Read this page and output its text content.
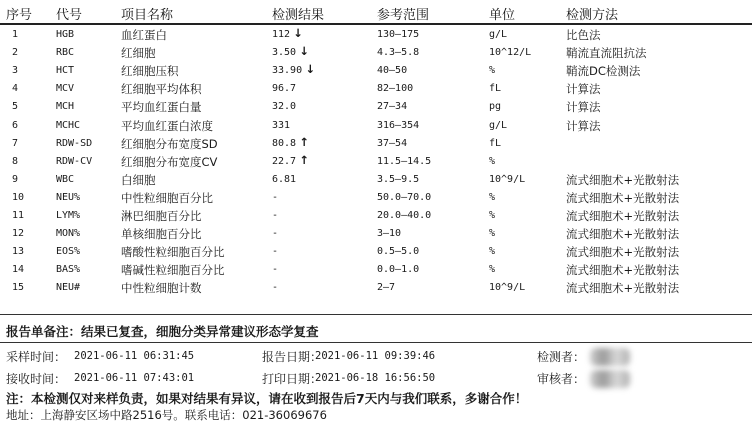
序号 代号	项目名称	检测结果	参考范围	单位	检测方法
1	HGB	血红蛋白	112 ↓	130—175	g/L	比色法
2	RBC	红细胞	3.50 ↓	4.3—5.8	10^12/L	鞘流直流阻抗法
3	HCT	红细胞压积	33.90 ↓	40—50	%	鞘流DC检测法
4	MCV	红细胞平均体积	96.7	82—100	fL	计算法
5	MCH	平均血红蛋白量	32.0	27—34	pg	计算法
6	MCHC	平均血红蛋白浓度	331	316—354	g/L	计算法
7	RDW-SD	红细胞分布宽度SD	80.8 ↑	37—54	fL
8	RDW-CV	红细胞分布宽度CV	22.7 ↑	11.5—14.5	%
9	WBC	白细胞	6.81	3.5—9.5	10^9/L	流式细胞术+光散射法
10	NEU%	中性粒细胞百分比	-	50.0—70.0	%	流式细胞术+光散射法
11	LYM%	淋巴细胞百分比	-	20.0—40.0	%	流式细胞术+光散射法
12	MON%	单核细胞百分比	-	3—10	%	流式细胞术+光散射法
13	EOS%	嗜酸性粒细胞百分比	-	0.5—5.0	%	流式细胞术+光散射法
14	BAS%	嗜碱性粒细胞百分比	-	0.0—1.0	%	流式细胞术+光散射法
15	NEU#	中性粒细胞计数	-	2—7	10^9/L	流式细胞术+光散射法
报告单备注：结果已复查，细胞分类异常建议形态学复查
采样时间： 2021-06-11 06:31:45	报告日期：
2021-06-11 09:39:46	检测者：
接收时间： 2021-06-11 07:43:01	打印日期：
2021-06-18 16:56:50	审核者：
注：本检测仅对来样负责，如果对结果有异议，请在收到报告后7天内与我们联系，多谢合作！
地址：上海静安区场中路2516号。联系电话：021-36069676
